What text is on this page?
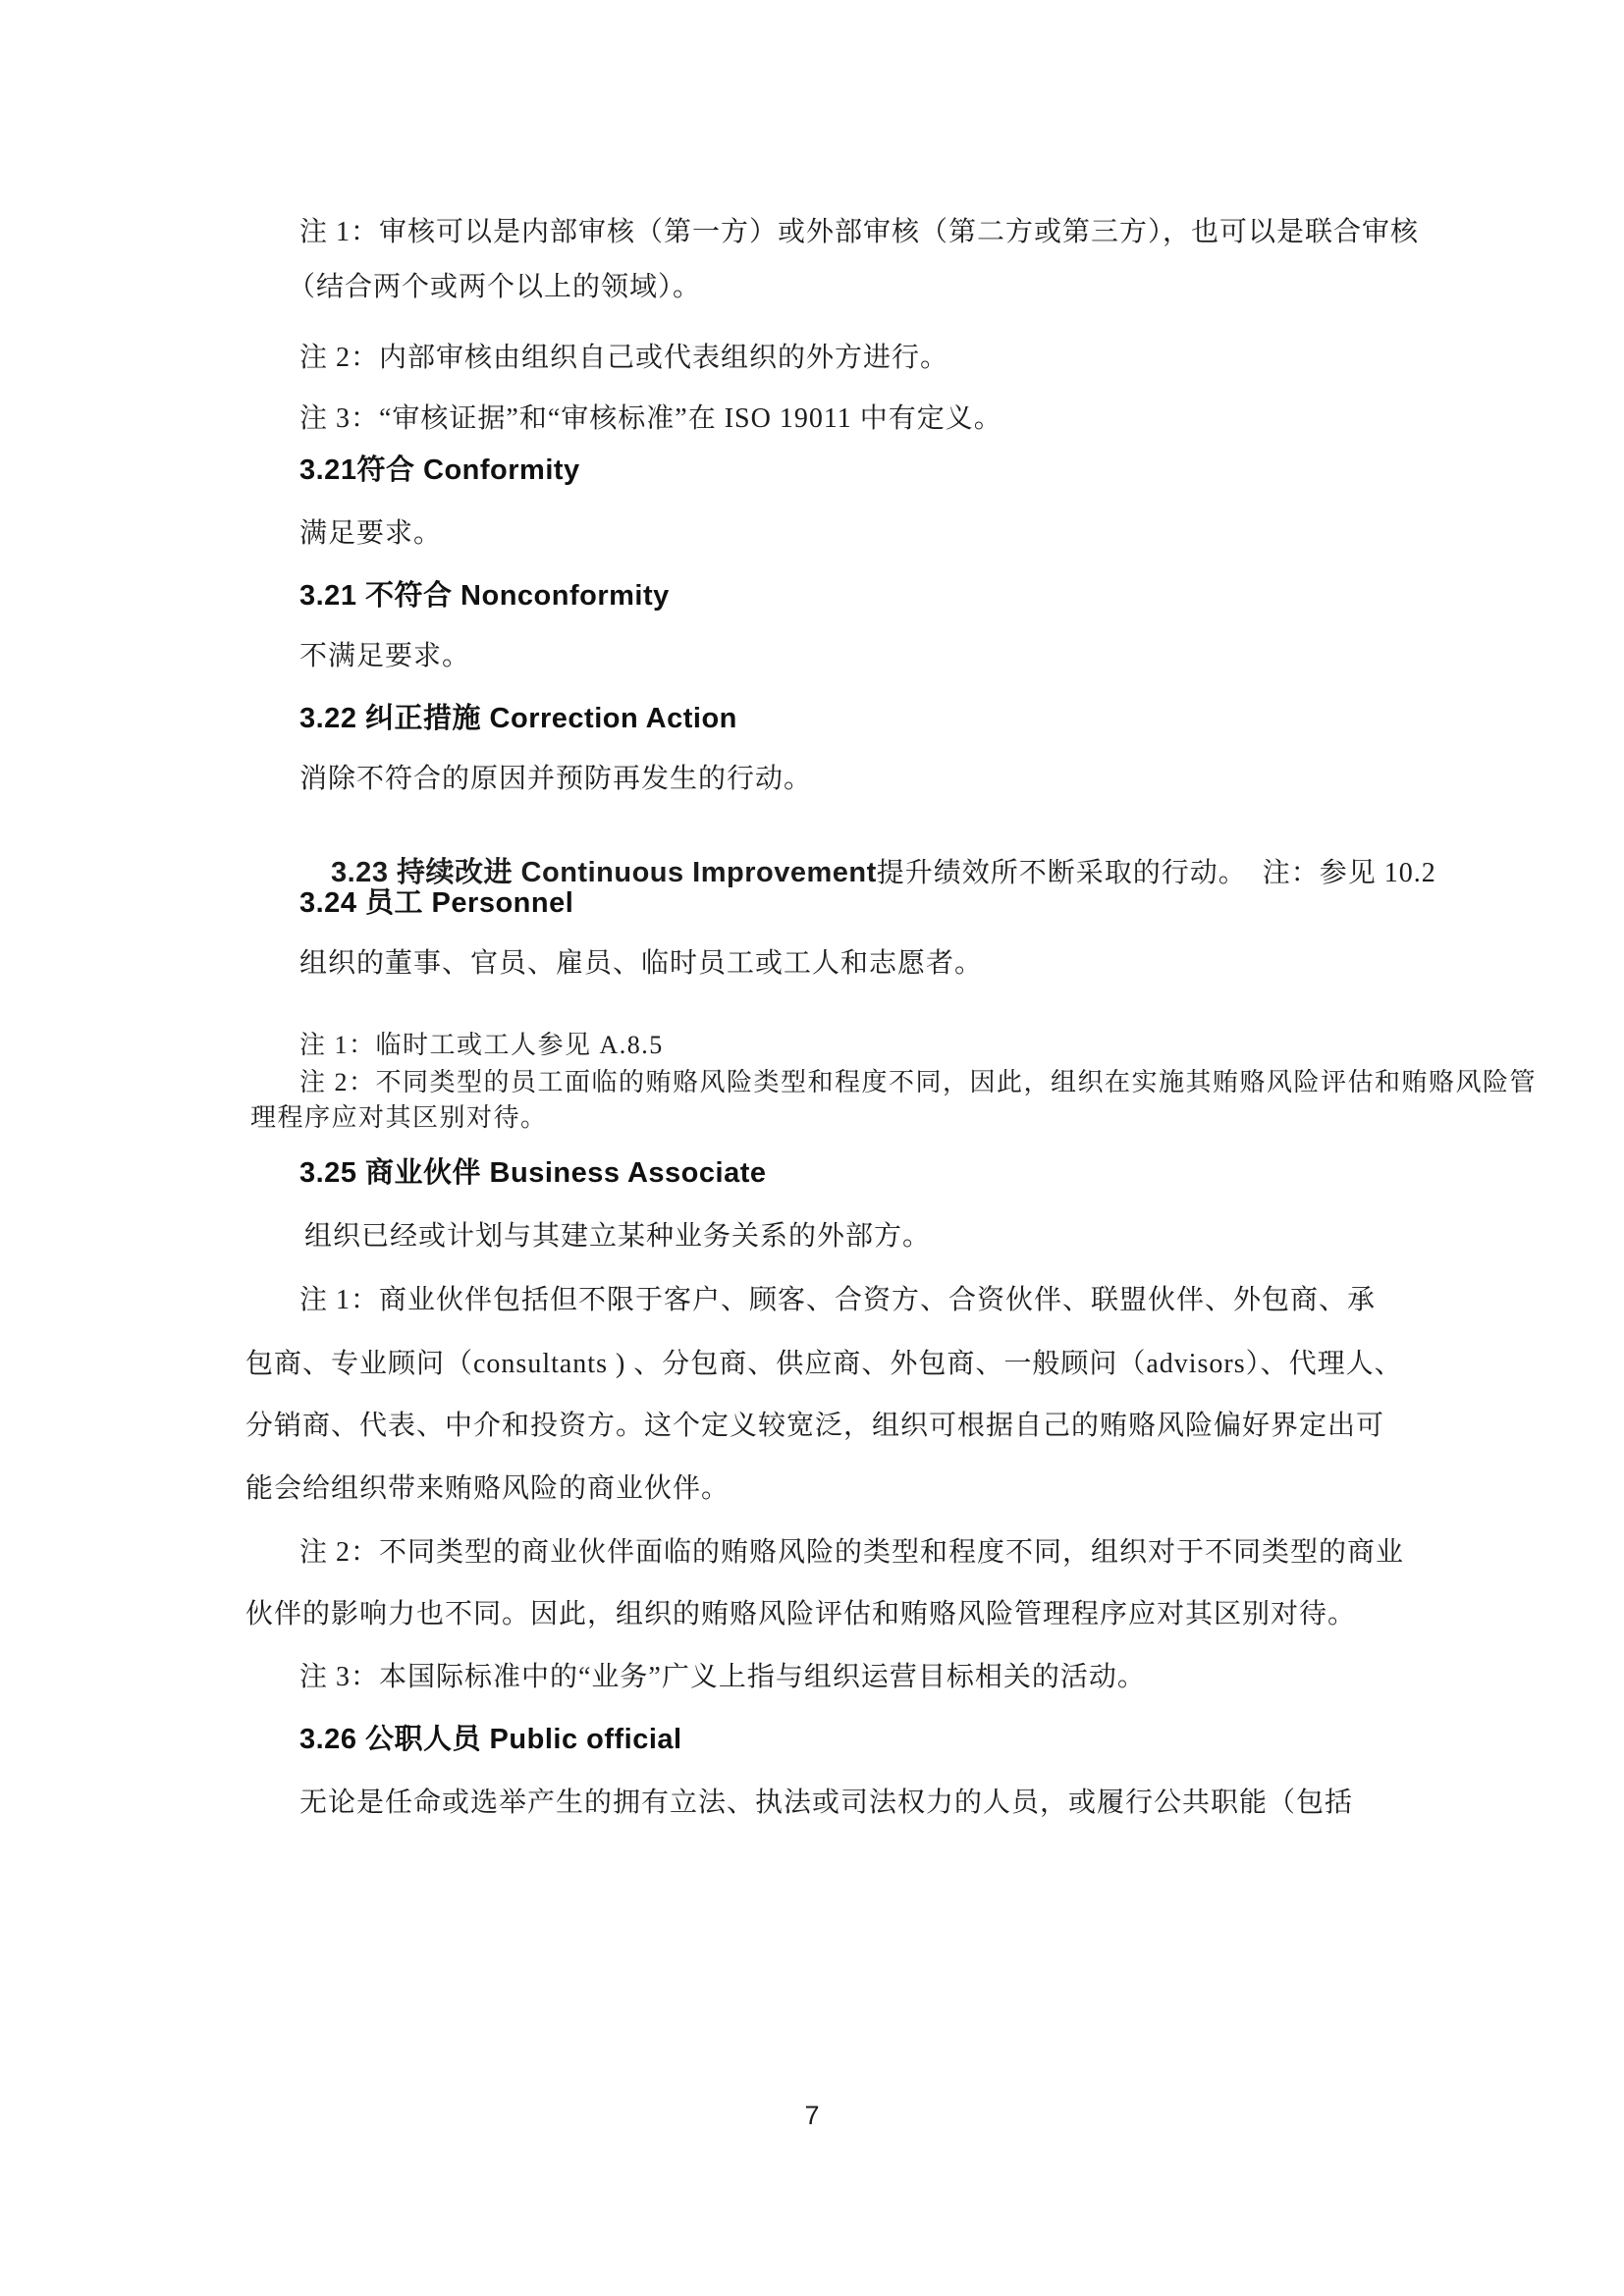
注 1：审核可以是内部审核（第一方）或外部审核（第二方或第三方），也可以是联合审核
（结合两个或两个以上的领域）。
注 2：内部审核由组织自己或代表组织的外方进行。
注 3：“审核证据”和“审核标准”在 ISO 19011 中有定义。
3.21符合 Conformity
满足要求。
3.21 不符合 Nonconformity
不满足要求。
3.22 纠正措施 Correction Action
消除不符合的原因并预防再发生的行动。

3.23 持续改进 Continuous Improvement提升绩效所不断采取的行动。  注：参见 10.2

3.24 员工 Personnel
组织的董事、官员、雇员、临时员工或工人和志愿者。
注 1：临时工或工人参见 A.8.5
注 2：不同类型的员工面临的贿赂风险类型和程度不同，因此，组织在实施其贿赂风险评估和贿赂风险管
理程序应对其区别对待。
3.25 商业伙伴 Business Associate
组织已经或计划与其建立某种业务关系的外部方。
注 1：商业伙伴包括但不限于客户、顾客、合资方、合资伙伴、联盟伙伴、外包商、承
包商、专业顾问（consultants ) 、分包商、供应商、外包商、一般顾问（advisors）、代理人、
分销商、代表、中介和投资方。这个定义较宽泛，组织可根据自己的贿赂风险偏好界定出可
能会给组织带来贿赂风险的商业伙伴。
注 2：不同类型的商业伙伴面临的贿赂风险的类型和程度不同，组织对于不同类型的商业
伙伴的影响力也不同。因此，组织的贿赂风险评估和贿赂风险管理程序应对其区别对待。
注 3：本国际标准中的“业务”广义上指与组织运营目标相关的活动。
3.26 公职人员 Public official
无论是任命或选举产生的拥有立法、执法或司法权力的人员，或履行公共职能（包括
7
